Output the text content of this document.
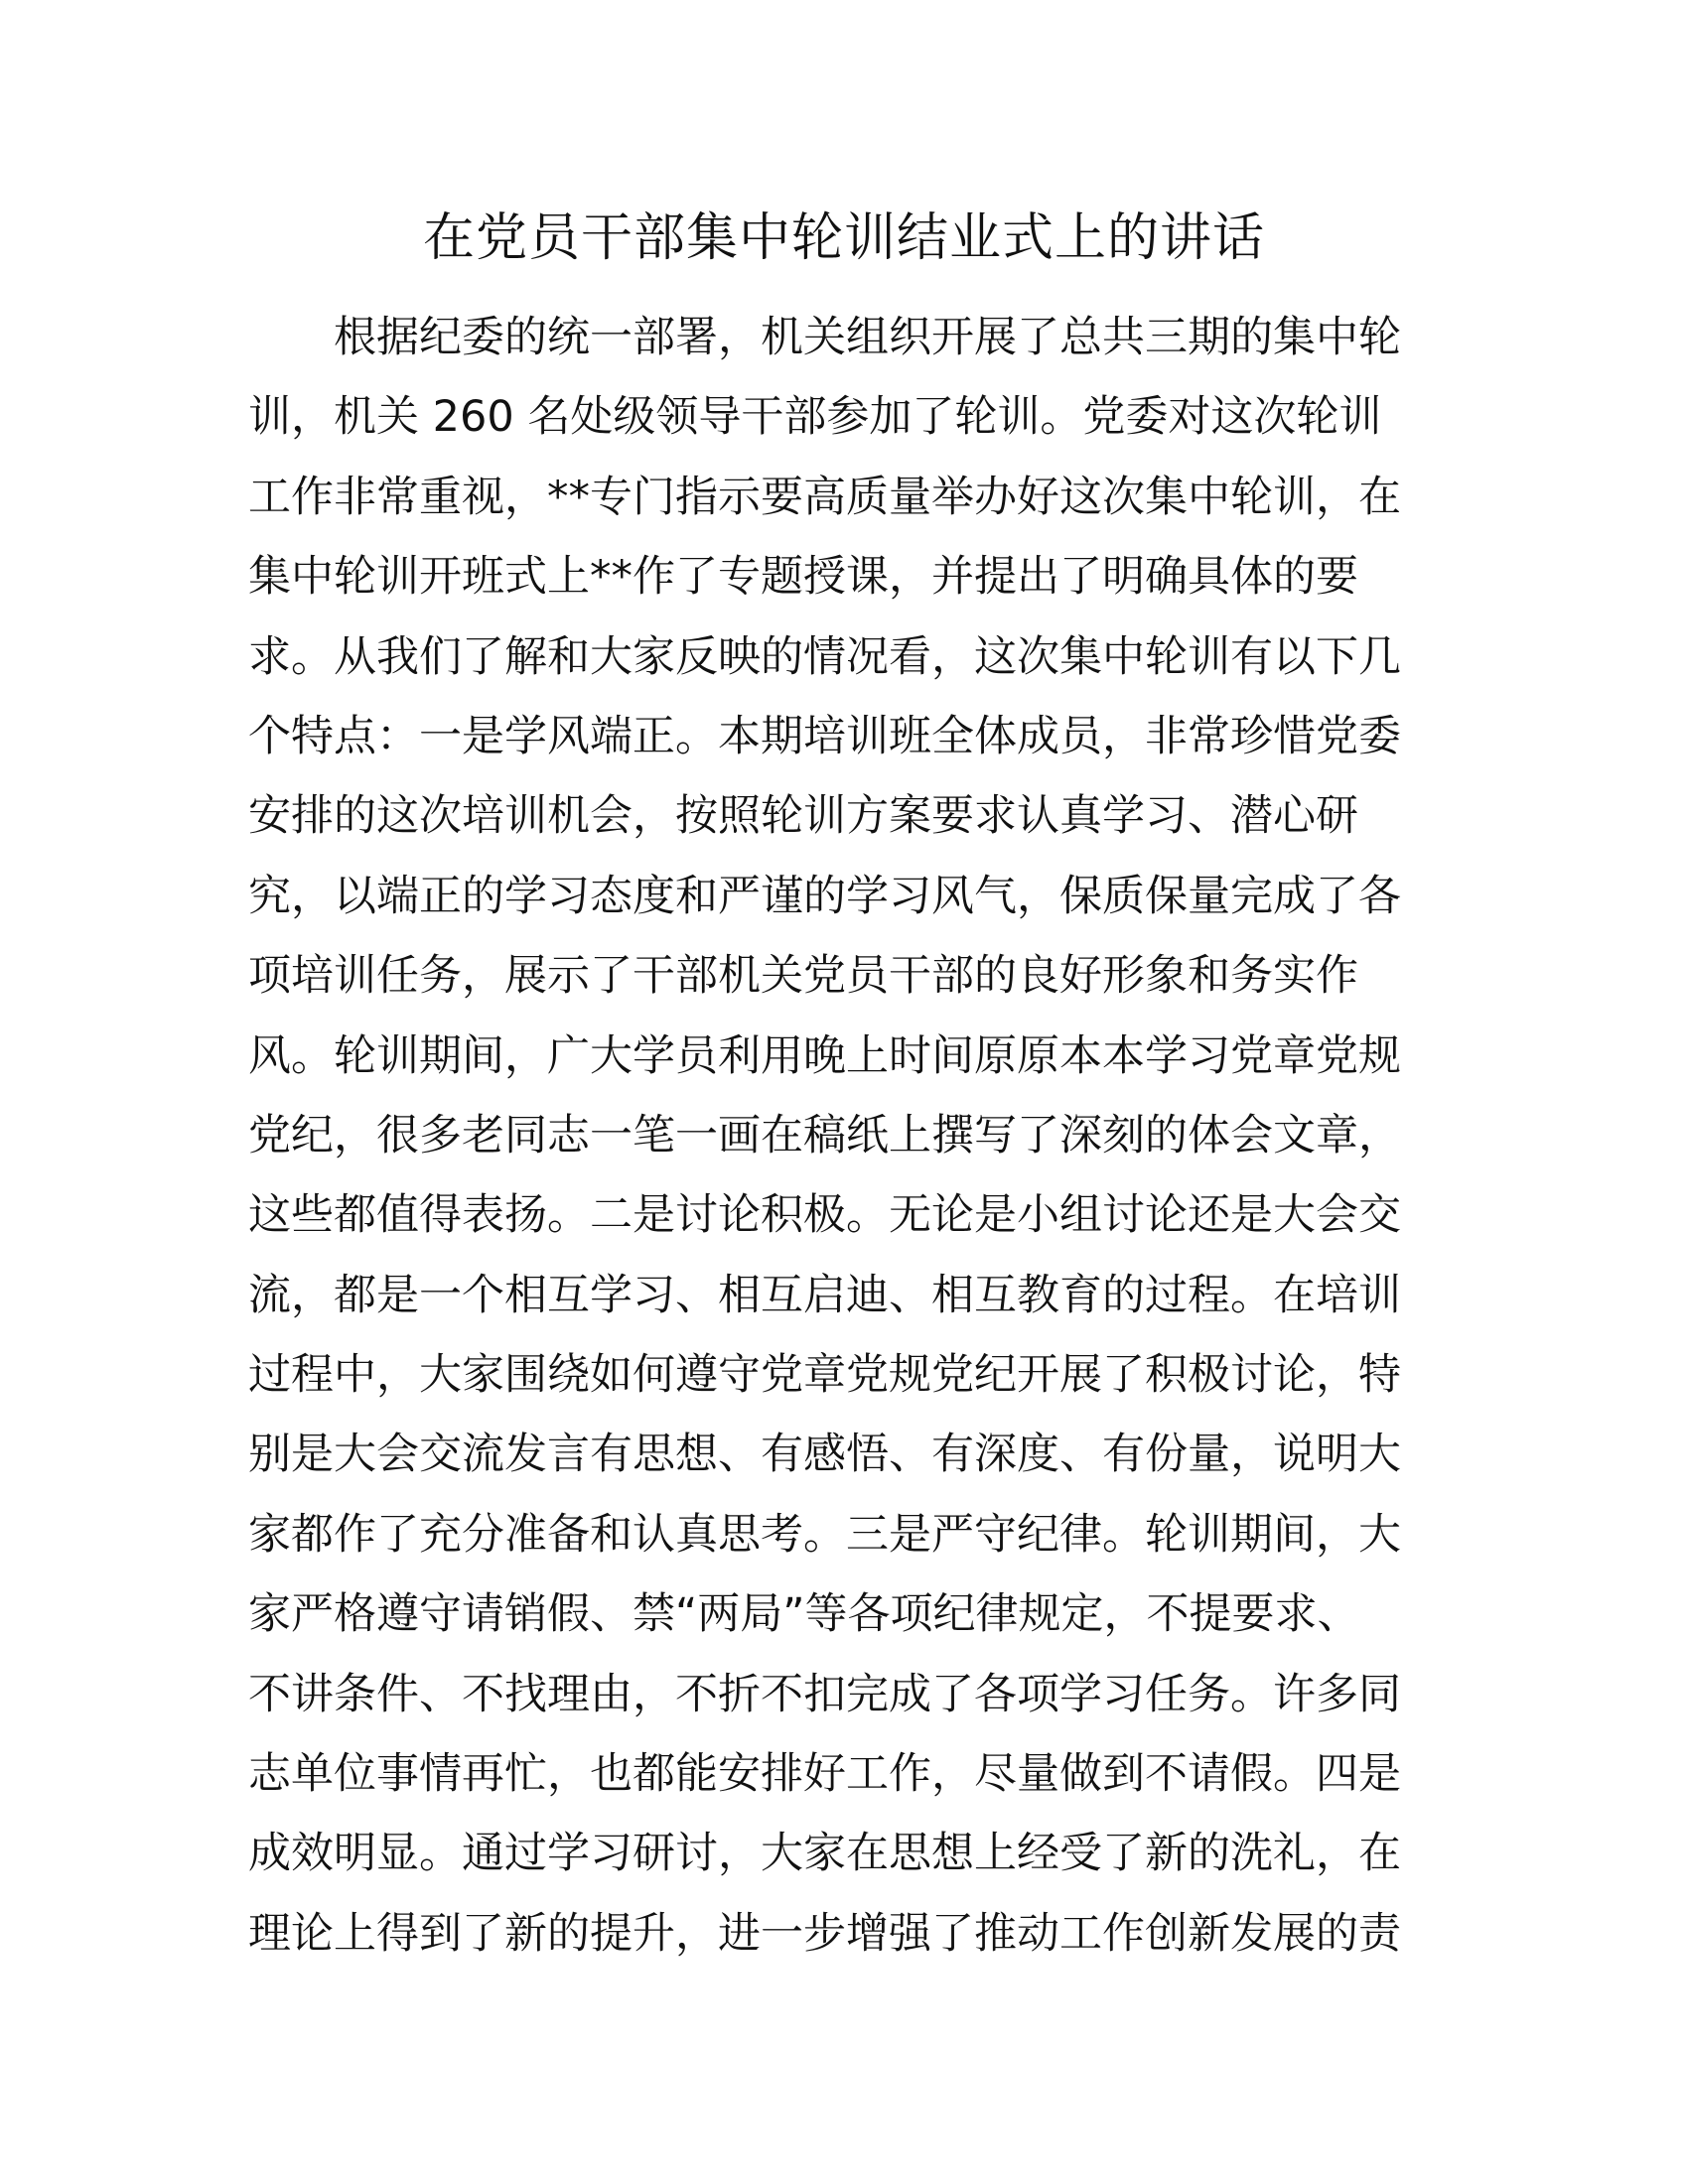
在党员干部集中轮训结业式上的讲话
根据纪委的统一部署，机关组织开展了总共三期的集中轮
训，机关 260 名处级领导干部参加了轮训。党委对这次轮训
工作非常重视，**专门指示要高质量举办好这次集中轮训，在
集中轮训开班式上**作了专题授课，并提出了明确具体的要
求。从我们了解和大家反映的情况看，这次集中轮训有以下几
个特点：一是学风端正。本期培训班全体成员，非常珍惜党委
安排的这次培训机会，按照轮训方案要求认真学习、潜心研
究，以端正的学习态度和严谨的学习风气，保质保量完成了各
项培训任务，展示了干部机关党员干部的良好形象和务实作
风。轮训期间，广大学员利用晚上时间原原本本学习党章党规
党纪，很多老同志一笔一画在稿纸上撰写了深刻的体会文章，
这些都值得表扬。二是讨论积极。无论是小组讨论还是大会交
流，都是一个相互学习、相互启迪、相互教育的过程。在培训
过程中，大家围绕如何遵守党章党规党纪开展了积极讨论，特
别是大会交流发言有思想、有感悟、有深度、有份量，说明大
家都作了充分准备和认真思考。三是严守纪律。轮训期间，大
家严格遵守请销假、禁“两局”等各项纪律规定，不提要求、
不讲条件、不找理由，不折不扣完成了各项学习任务。许多同
志单位事情再忙，也都能安排好工作，尽量做到不请假。四是
成效明显。通过学习研讨，大家在思想上经受了新的洗礼，在
理论上得到了新的提升，进一步增强了推动工作创新发展的责
